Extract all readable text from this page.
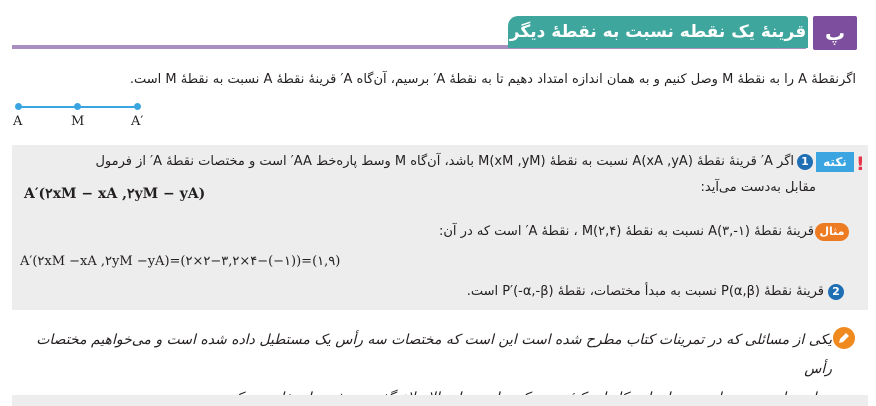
قرینهٔ یک نقطه نسبت به نقطهٔ دیگر پ
اگرنقطهٔ A را به نقطهٔ M وصل کنیم و به همان اندازه امتداد دهیم تا به نقطهٔ A′ برسیم، آن‌گاه A′ قرینهٔ نقطهٔ A نسبت به نقطهٔ M است.
A	M	A′
!
نکته
1
اگر A′ قرینهٔ نقطهٔ A(xA ,yA) نسبت به نقطهٔ M(xM ,yM) باشد، آن‌گاه M وسط پاره‌خط AA′ است و مختصات نقطهٔ A′ از فرمول
مقابل به‌دست می‌آید:
A′(۲xM − xA ,۲yM − yA)
مثال
قرینهٔ نقطهٔ A(۳,-۱) نسبت به نقطهٔ M(۲,۴) ، نقطهٔ A′ است که در آن:
A′(۲xM −xA ,۲yM −yA)=(۲×۲−۳,۲×۴−(−۱))=(۱,۹)
2
قرینهٔ نقطهٔ P(α,β) نسبت به مبدأ مختصات، نقطهٔ P′(-α,-β) است.
یکی از مسائلی که در تمرینات کتاب مطرح شده است این است که مختصات سه رأس یک مستطیل داده شده است و می‌خواهیم مختصات رأس
